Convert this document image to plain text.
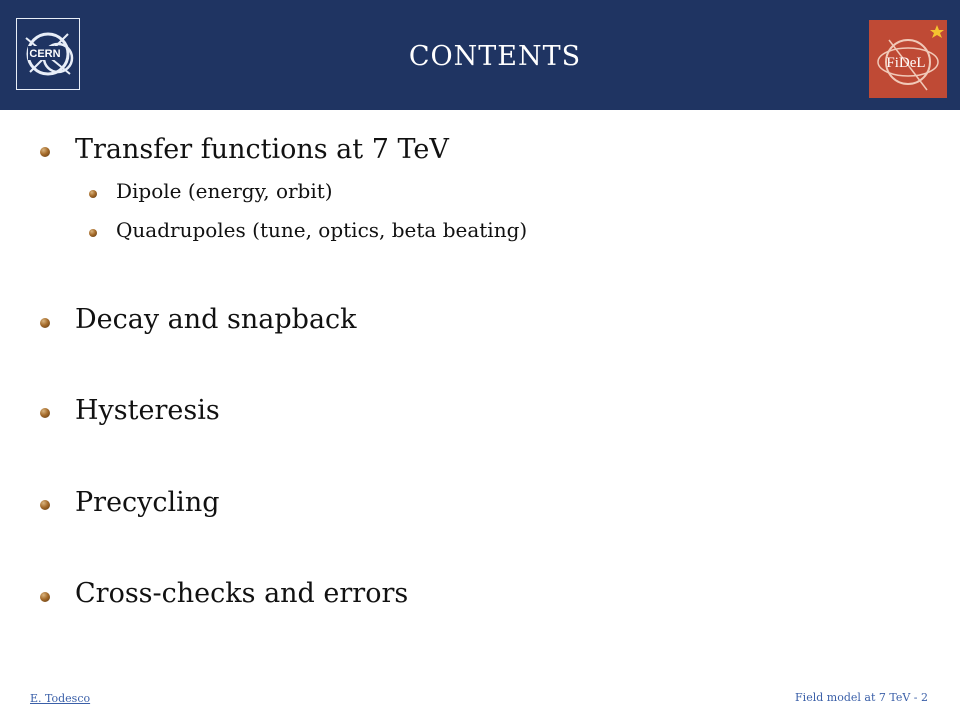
CERN	contents	FiDeL
Transfer functions at 7 TeV
Dipole (energy, orbit)
Quadrupoles (tune, optics, beta beating)
Decay and snapback
Hysteresis
Precycling
Cross-checks and errors
E. Todesco	Field model at 7 TeV - 2
